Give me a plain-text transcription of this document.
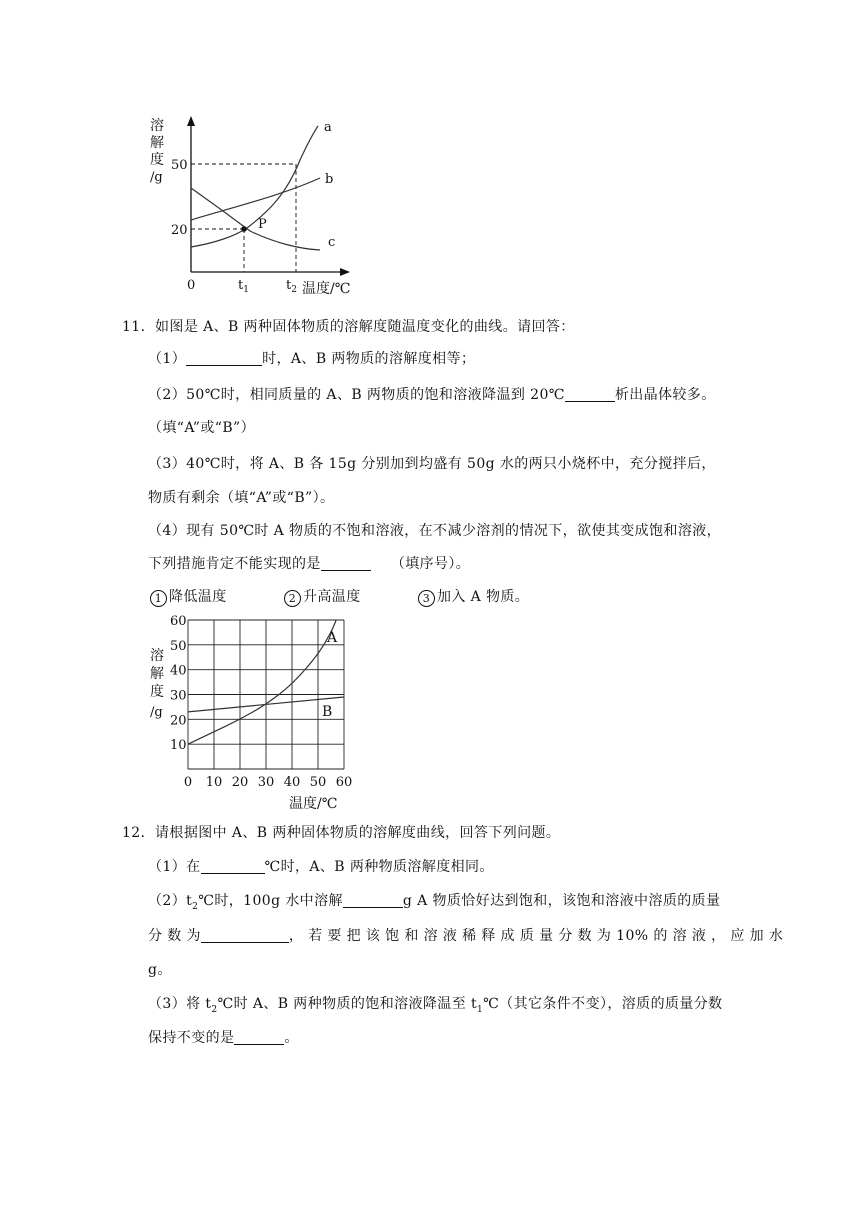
溶
解
度
/g
50
20	P
a
b
c
0	$t_1$	$t_2$ 温度/℃
11．如图是 A、B 两种固体物质的溶解度随温度变化的曲线。请回答：
（1）	时，A、B 两物质的溶解度相等；
（2）50℃时，相同质量的 A、B 两物质的饱和溶液降温到 20℃	析出晶体较多。
（填“A”或“B”）
（3）40℃时，将 A、B 各 15g 分别加到均盛有 50g 水的两只小烧杯中，充分搅拌后，
物质有剩余（填“A”或“B”）。
（4）现有 50℃时 A 物质的不饱和溶液，在不减少溶剂的情况下，欲使其变成饱和溶液，
下列措施肯定不能实现的是	（填序号）。
1 降低温度	2 升高温度	3 加入 A 物质。
溶
解
度
/g
60
50
40
30
20
10
0 10 20 30 40 50 60
A
B
温度/℃
12．请根据图中 A、B 两种固体物质的溶解度曲线，回答下列问题。
（1）在	℃时，A、B 两种物质溶解度相同。
$(2)t_2℃$时，100g 水中溶解	g A 物质恰好达到饱和，该饱和溶液中溶质的质量
分 数 为	， 若 要 把 该 饱 和 溶 液 稀 释 成 质 量 分 数 为 10% 的 溶 液 ， 应 加 水
g。
（3）将 $t_2℃$时 A、B 两种物质的饱和溶液降温至 $t_1℃$（其它条件不变），溶质的质量分数
保持不变的是	。
